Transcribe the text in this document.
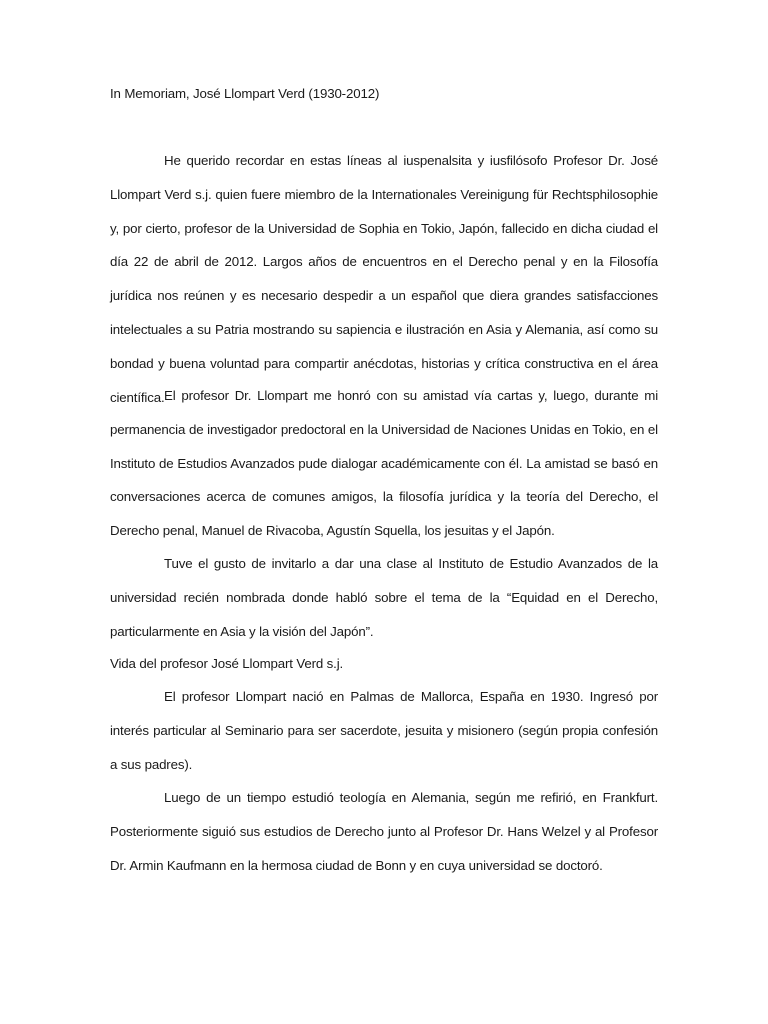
In Memoriam, José Llompart Verd (1930-2012)

He querido recordar en estas líneas al iuspenalsita y iusfilósofo Profesor Dr. José Llompart Verd s.j. quien fuere miembro de la Internationales Vereinigung für Rechtsphilosophie y, por cierto, profesor de la Universidad de Sophia en Tokio, Japón, fallecido en dicha ciudad el día 22 de abril de 2012. Largos años de encuentros en el Derecho penal y en la Filosofía jurídica nos reúnen y es necesario despedir a un español que diera grandes satisfacciones intelectuales a su Patria mostrando su sapiencia e ilustración en Asia y Alemania, así como su bondad y buena voluntad para compartir anécdotas, historias y crítica constructiva en el área científica. El profesor Dr. Llompart me honró con su amistad vía cartas y, luego, durante mi permanencia de investigador predoctoral en la Universidad de Naciones Unidas en Tokio, en el Instituto de Estudios Avanzados pude dialogar académicamente con él. La amistad se basó en conversaciones acerca de comunes amigos, la filosofía jurídica y la teoría del Derecho, el Derecho penal, Manuel de Rivacoba, Agustín Squella, los jesuitas y el Japón.

Tuve el gusto de invitarlo a dar una clase al Instituto de Estudio Avanzados de la universidad recién nombrada donde habló sobre el tema de la “Equidad en el Derecho, particularmente en Asia y la visión del Japón”.

Vida del profesor José Llompart Verd s.j.

El profesor Llompart nació en Palmas de Mallorca, España en 1930. Ingresó por interés particular al Seminario para ser sacerdote, jesuita y misionero (según propia confesión a sus padres).

Luego de un tiempo estudió teología en Alemania, según me refirió, en Frankfurt. Posteriormente siguió sus estudios de Derecho junto al Profesor Dr. Hans Welzel y al Profesor Dr. Armin Kaufmann en la hermosa ciudad de Bonn y en cuya universidad se doctoró.
